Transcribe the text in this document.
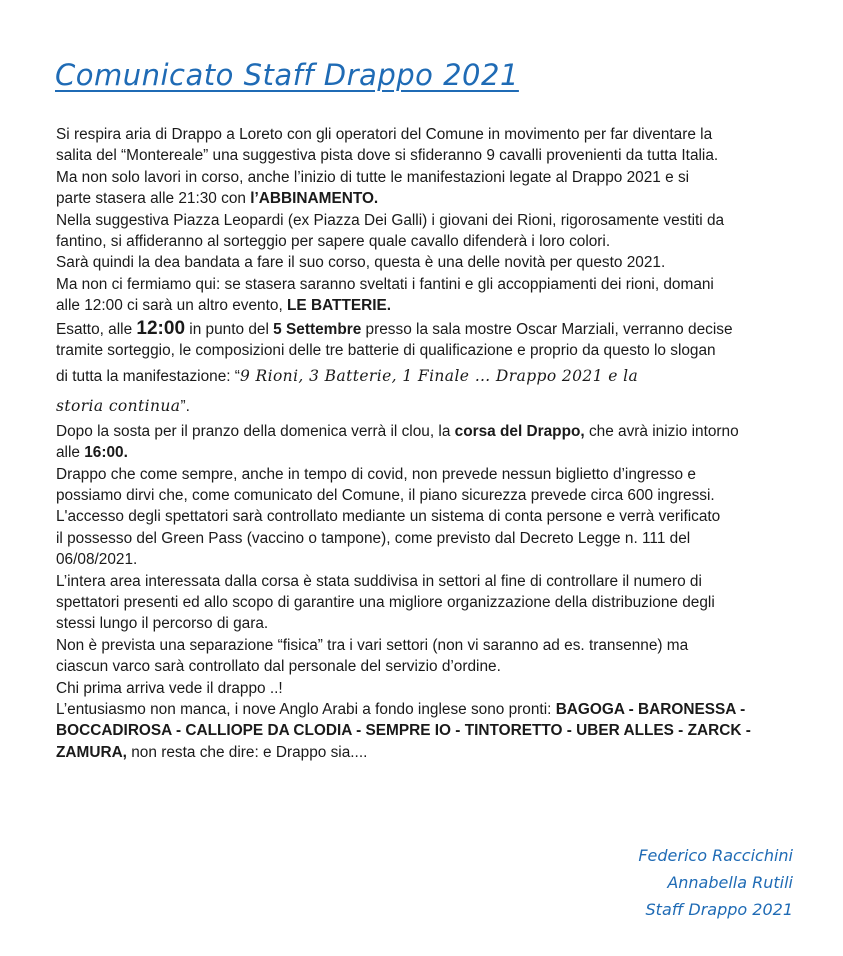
Comunicato Staff Drappo 2021
Si respira aria di Drappo a Loreto con gli operatori del Comune in movimento per far diventare la
salita del “Montereale” una suggestiva pista dove si sfideranno 9 cavalli provenienti da tutta Italia.
Ma non solo lavori in corso, anche l’inizio di tutte le manifestazioni legate al Drappo 2021 e si
parte stasera alle 21:30 con l’ABBINAMENTO.
Nella suggestiva Piazza Leopardi (ex Piazza Dei Galli) i giovani dei Rioni, rigorosamente vestiti da
fantino, si affideranno al sorteggio per sapere quale cavallo difenderà i loro colori.
Sarà quindi la dea bandata a fare il suo corso, questa è una delle novità per questo 2021.
Ma non ci fermiamo qui: se stasera saranno sveltati i fantini e gli accoppiamenti dei rioni, domani
alle 12:00 ci sarà un altro evento, LE BATTERIE.
Esatto, alle 12:00 in punto del 5 Settembre presso la sala mostre Oscar Marziali, verranno decise
tramite sorteggio, le composizioni delle tre batterie di qualificazione e proprio da questo lo slogan
di tutta la manifestazione: “9 Rioni, 3 Batterie, 1 Finale … Drappo 2021 e la
storia continua”.
Dopo la sosta per il pranzo della domenica verrà il clou, la corsa del Drappo, che avrà inizio intorno
alle 16:00.
Drappo che come sempre, anche in tempo di covid, non prevede nessun biglietto d’ingresso e
possiamo dirvi che, come comunicato del Comune, il piano sicurezza prevede circa 600 ingressi.
L'accesso degli spettatori sarà controllato mediante un sistema di conta persone e verrà verificato
il possesso del Green Pass (vaccino o tampone), come previsto dal Decreto Legge n. 111 del
06/08/2021.
L’intera area interessata dalla corsa è stata suddivisa in settori al fine di controllare il numero di
spettatori presenti ed allo scopo di garantire una migliore organizzazione della distribuzione degli
stessi lungo il percorso di gara.
Non è prevista una separazione “fisica” tra i vari settori (non vi saranno ad es. transenne) ma
ciascun varco sarà controllato dal personale del servizio d’ordine.
Chi prima arriva vede il drappo ..!
L’entusiasmo non manca, i nove Anglo Arabi a fondo inglese sono pronti: BAGOGA - BARONESSA -
BOCCADIROSA - CALLIOPE DA CLODIA - SEMPRE IO - TINTORETTO - UBER ALLES - ZARCK -
ZAMURA, non resta che dire: e Drappo sia....
Federico Raccichini
Annabella Rutili
Staff Drappo 2021
